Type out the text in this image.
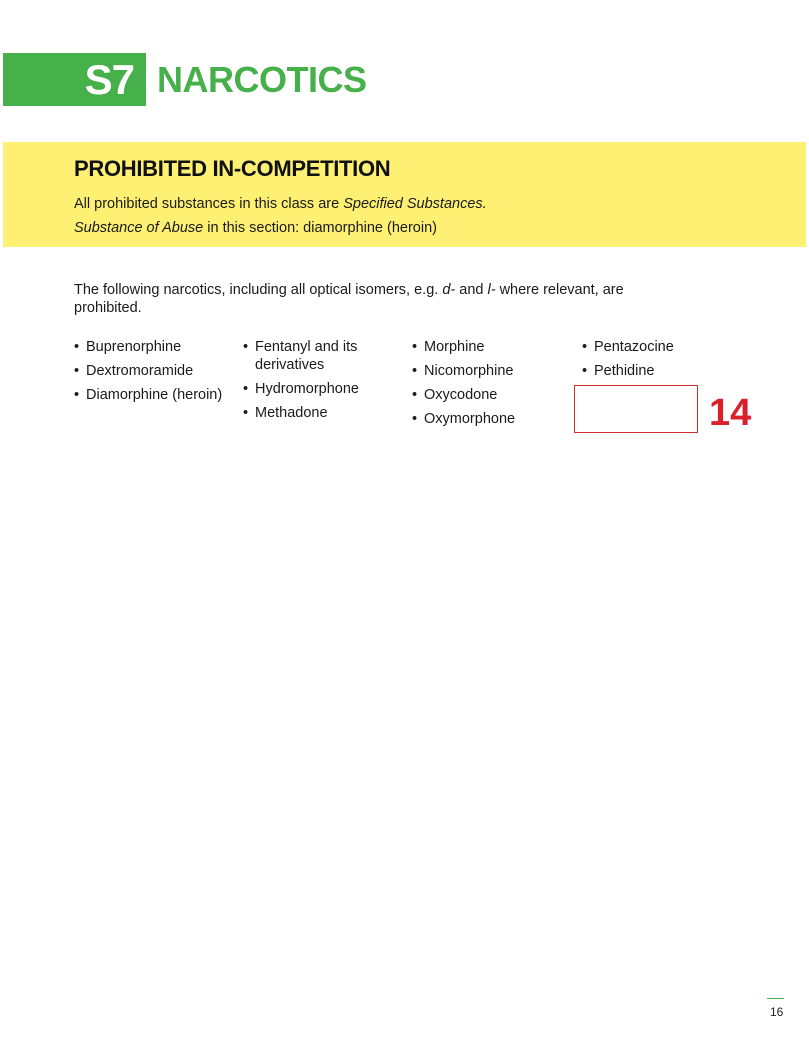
S7 NARCOTICS
PROHIBITED IN-COMPETITION

All prohibited substances in this class are Specified Substances.

Substance of Abuse in this section: diamorphine (heroin)

The following narcotics, including all optical isomers, e.g. d- and l- where relevant, are prohibited.
• Buprenorphine
• Dextromoramide
• Diamorphine (heroin)
• Fentanyl and its derivatives
• Hydromorphone
• Methadone
• Morphine
• Nicomorphine
• Oxycodone
• Oxymorphone
• Pentazocine
• Pethidine
14
16
